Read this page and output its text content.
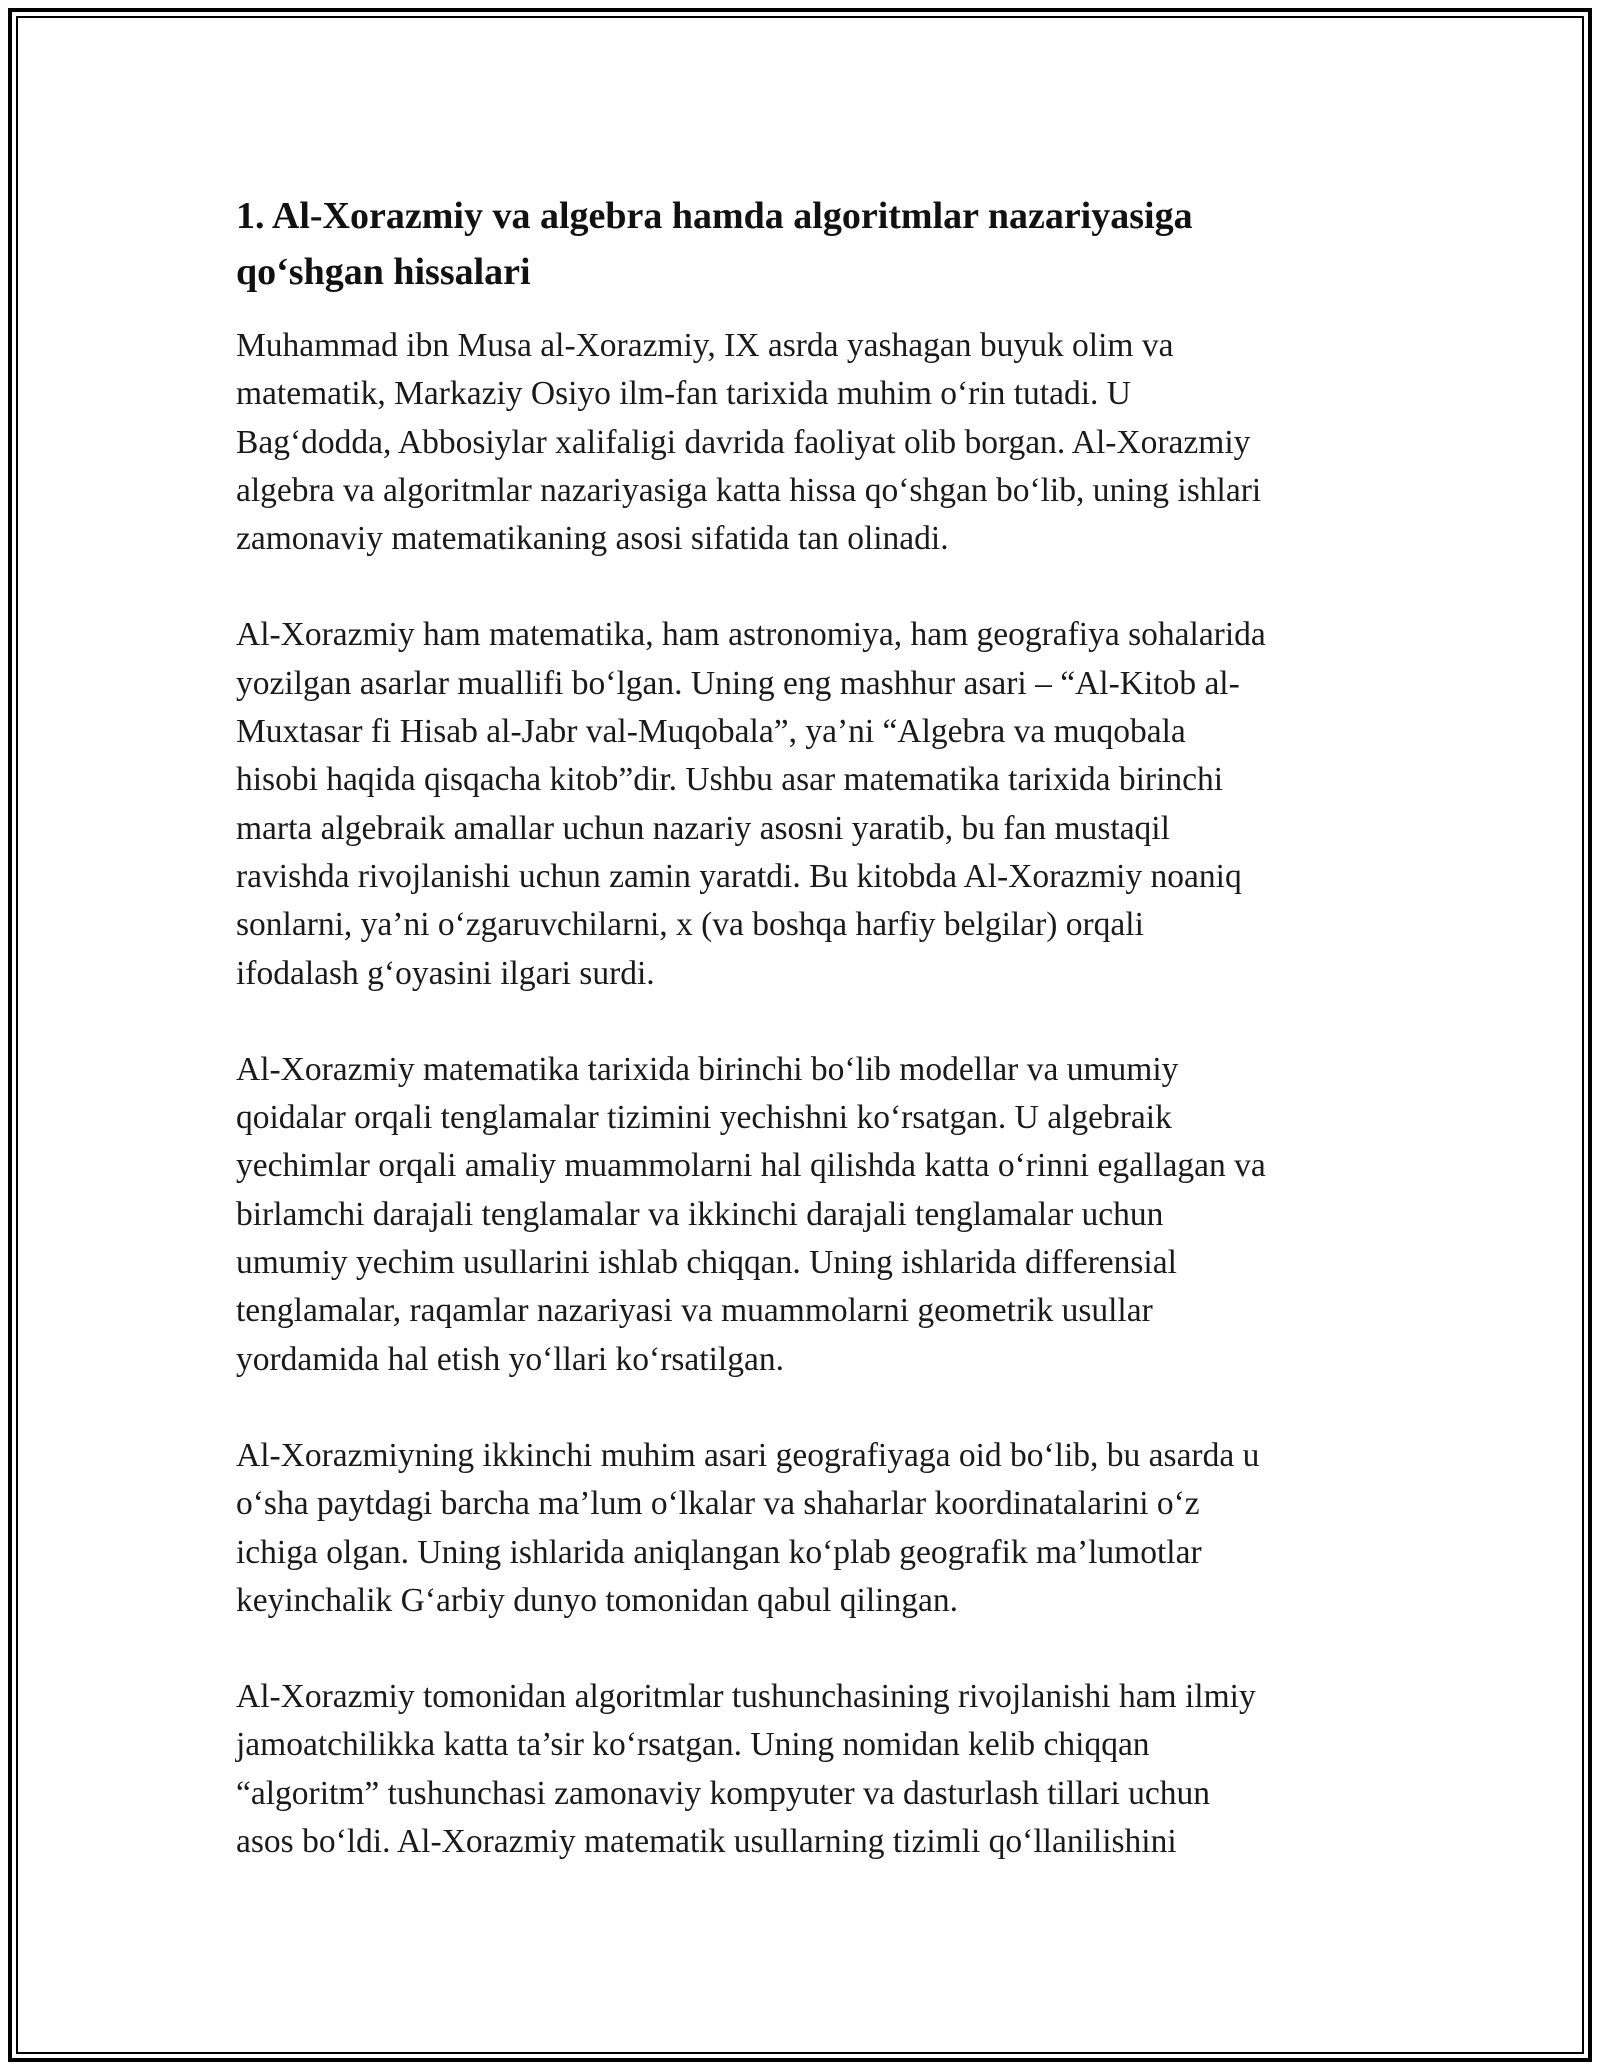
1. Al-Xorazmiy va algebra hamda algoritmlar nazariyasiga
qo‘shgan hissalari

Muhammad ibn Musa al-Xorazmiy, IX asrda yashagan buyuk olim va
matematik, Markaziy Osiyo ilm-fan tarixida muhim o‘rin tutadi. U
Bag‘dodda, Abbosiylar xalifaligi davrida faoliyat olib borgan. Al-Xorazmiy
algebra va algoritmlar nazariyasiga katta hissa qo‘shgan bo‘lib, uning ishlari
zamonaviy matematikaning asosi sifatida tan olinadi.

Al-Xorazmiy ham matematika, ham astronomiya, ham geografiya sohalarida
yozilgan asarlar muallifi bo‘lgan. Uning eng mashhur asari – “Al-Kitob al-
Muxtasar fi Hisab al-Jabr val-Muqobala”, ya’ni “Algebra va muqobala
hisobi haqida qisqacha kitob”dir. Ushbu asar matematika tarixida birinchi
marta algebraik amallar uchun nazariy asosni yaratib, bu fan mustaqil
ravishda rivojlanishi uchun zamin yaratdi. Bu kitobda Al-Xorazmiy noaniq
sonlarni, ya’ni o‘zgaruvchilarni, x (va boshqa harfiy belgilar) orqali
ifodalash g‘oyasini ilgari surdi.

Al-Xorazmiy matematika tarixida birinchi bo‘lib modellar va umumiy
qoidalar orqali tenglamalar tizimini yechishni ko‘rsatgan. U algebraik
yechimlar orqali amaliy muammolarni hal qilishda katta o‘rinni egallagan va
birlamchi darajali tenglamalar va ikkinchi darajali tenglamalar uchun
umumiy yechim usullarini ishlab chiqqan. Uning ishlarida differensial
tenglamalar, raqamlar nazariyasi va muammolarni geometrik usullar
yordamida hal etish yo‘llari ko‘rsatilgan.

Al-Xorazmiyning ikkinchi muhim asari geografiyaga oid bo‘lib, bu asarda u
o‘sha paytdagi barcha ma’lum o‘lkalar va shaharlar koordinatalarini o‘z
ichiga olgan. Uning ishlarida aniqlangan ko‘plab geografik ma’lumotlar
keyinchalik G‘arbiy dunyo tomonidan qabul qilingan.

Al-Xorazmiy tomonidan algoritmlar tushunchasining rivojlanishi ham ilmiy
jamoatchilikka katta ta’sir ko‘rsatgan. Uning nomidan kelib chiqqan
“algoritm” tushunchasi zamonaviy kompyuter va dasturlash tillari uchun
asos bo‘ldi. Al-Xorazmiy matematik usullarning tizimli qo‘llanilishini
